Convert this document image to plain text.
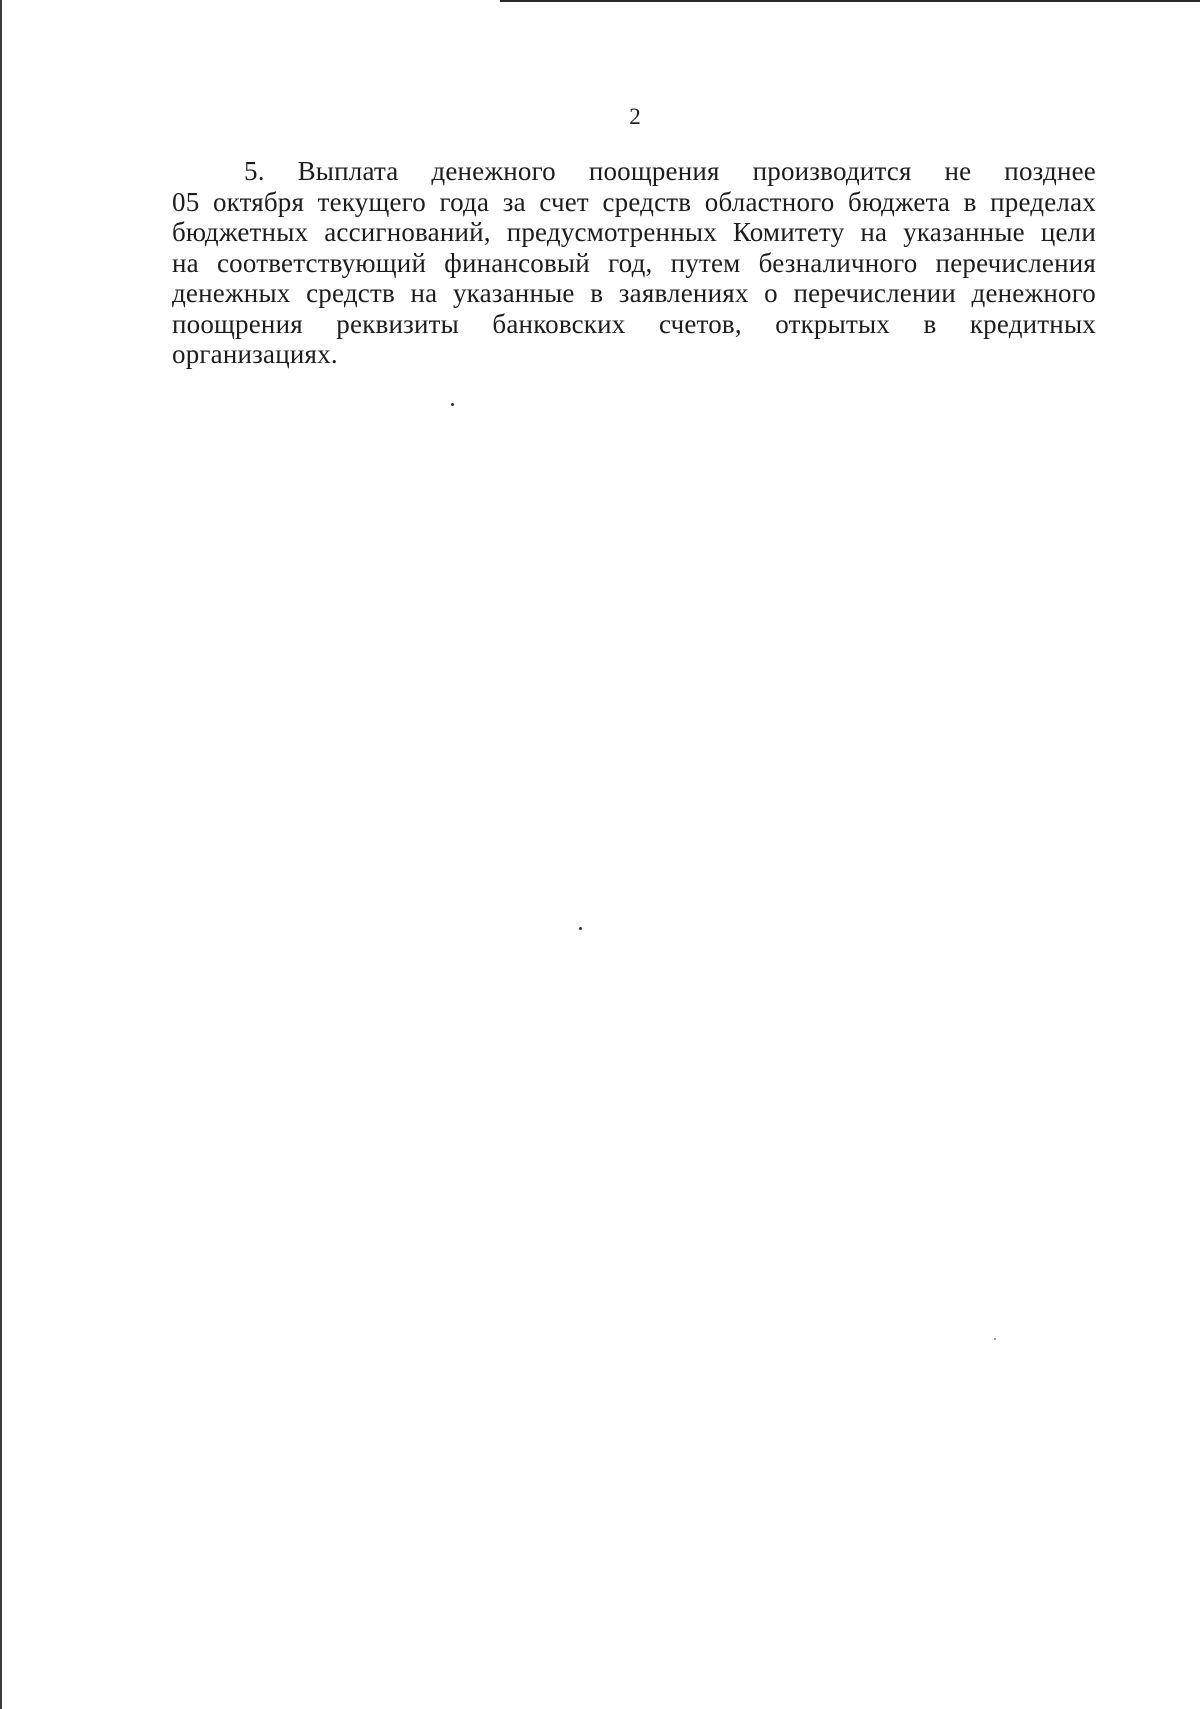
2
5. Выплата денежного поощрения производится не позднее
05 октября текущего года за счет средств областного бюджета в пределах
бюджетных ассигнований, предусмотренных Комитету на указанные цели
на соответствующий финансовый год, путем безналичного перечисления
денежных средств на указанные в заявлениях о перечислении денежного
поощрения реквизиты банковских счетов, открытых в кредитных
организациях.
